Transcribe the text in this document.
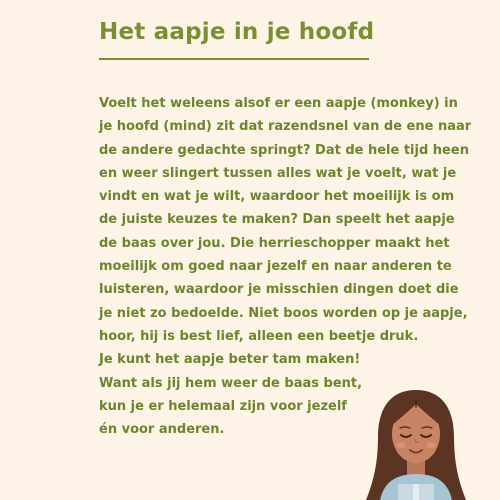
Het aapje in je hoofd
Voelt het weleens alsof er een aapje (monkey) in
je hoofd (mind) zit dat razendsnel van de ene naar
de andere gedachte springt? Dat de hele tijd heen
en weer slingert tussen alles wat je voelt, wat je
vindt en wat je wilt, waardoor het moeilijk is om
de juiste keuzes te maken? Dan speelt het aapje
de baas over jou. Die herrieschopper maakt het
moeilijk om goed naar jezelf en naar anderen te
luisteren, waardoor je misschien dingen doet die
je niet zo bedoelde. Niet boos worden op je aapje,
hoor, hij is best lief, alleen een beetje druk.
Je kunt het aapje beter tam maken!
Want als jij hem weer de baas bent,
kun je er helemaal zijn voor jezelf
én voor anderen.
